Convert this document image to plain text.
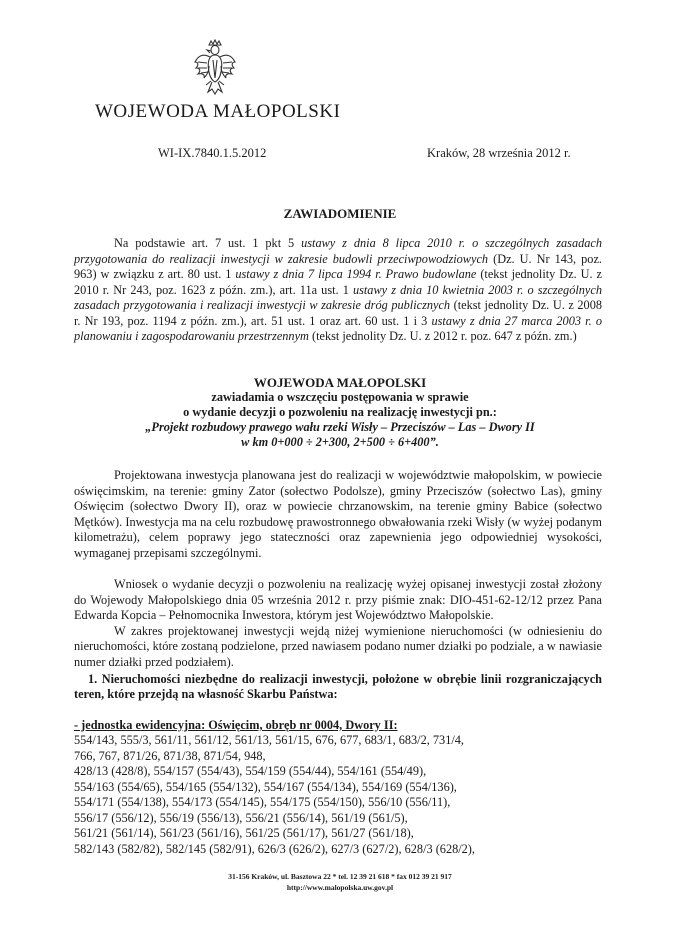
WOJEWODA MAŁOPOLSKI
WI-IX.7840.1.5.2012	Kraków, 28 września 2012 r.
ZAWIADOMIENIE
Na podstawie art. 7 ust. 1 pkt 5 ustawy z dnia 8 lipca 2010 r. o szczególnych zasadach przygotowania do realizacji inwestycji w zakresie budowli przeciwpowodziowych (Dz. U. Nr 143, poz. 963) w związku z art. 80 ust. 1 ustawy z dnia 7 lipca 1994 r. Prawo budowlane (tekst jednolity Dz. U. z 2010 r. Nr 243, poz. 1623 z późn. zm.), art. 11a ust. 1 ustawy z dnia 10 kwietnia 2003 r. o szczególnych zasadach przygotowania i realizacji inwestycji w zakresie dróg publicznych (tekst jednolity Dz. U. z 2008 r. Nr 193, poz. 1194 z późn. zm.), art. 51 ust. 1 oraz art. 60 ust. 1 i 3 ustawy z dnia 27 marca 2003 r. o planowaniu i zagospodarowaniu przestrzennym (tekst jednolity Dz. U. z 2012 r. poz. 647 z późn. zm.)
WOJEWODA MAŁOPOLSKI
zawiadamia o wszczęciu postępowania w sprawie
o wydanie decyzji o pozwoleniu na realizację inwestycji pn.:
„Projekt rozbudowy prawego wału rzeki Wisły – Przeciszów – Las – Dwory II
w km 0+000 ÷ 2+300, 2+500 ÷ 6+400”.

Projektowana inwestycja planowana jest do realizacji w województwie małopolskim, w powiecie oświęcimskim, na terenie: gminy Zator (sołectwo Podolsze), gminy Przeciszów (sołectwo Las), gminy Oświęcim (sołectwo Dwory II), oraz w powiecie chrzanowskim, na terenie gminy Babice (sołectwo Mętków). Inwestycja ma na celu rozbudowę prawostronnego obwałowania rzeki Wisły (w wyżej podanym kilometrażu), celem poprawy jego stateczności oraz zapewnienia jego odpowiedniej wysokości, wymaganej przepisami szczególnymi.

Wniosek o wydanie decyzji o pozwoleniu na realizację wyżej opisanej inwestycji został złożony do Wojewody Małopolskiego dnia 05 września 2012 r. przy piśmie znak: DIO-451-62-12/12 przez Pana Edwarda Kopcia – Pełnomocnika Inwestora, którym jest Województwo Małopolskie.

W zakres projektowanej inwestycji wejdą niżej wymienione nieruchomości (w odniesieniu do nieruchomości, które zostaną podzielone, przed nawiasem podano numer działki po podziale, a w nawiasie numer działki przed podziałem).

1. Nieruchomości niezbędne do realizacji inwestycji, położone w obrębie linii rozgraniczających teren, które przejdą na własność Skarbu Państwa:
- jednostka ewidencyjna: Oświęcim, obręb nr 0004, Dwory II:
554/143, 555/3, 561/11, 561/12, 561/13, 561/15, 676, 677, 683/1, 683/2, 731/4,
766, 767, 871/26, 871/38, 871/54, 948,
428/13 (428/8), 554/157 (554/43), 554/159 (554/44), 554/161 (554/49),
554/163 (554/65), 554/165 (554/132), 554/167 (554/134), 554/169 (554/136),
554/171 (554/138), 554/173 (554/145), 554/175 (554/150), 556/10 (556/11),
556/17 (556/12), 556/19 (556/13), 556/21 (556/14), 561/19 (561/5),
561/21 (561/14), 561/23 (561/16), 561/25 (561/17), 561/27 (561/18),
582/143 (582/82), 582/145 (582/91), 626/3 (626/2), 627/3 (627/2), 628/3 (628/2),
31-156 Kraków, ul. Basztowa 22 * tel. 12 39 21 618 * fax 012 39 21 917
http://www.malopolska.uw.gov.pl
